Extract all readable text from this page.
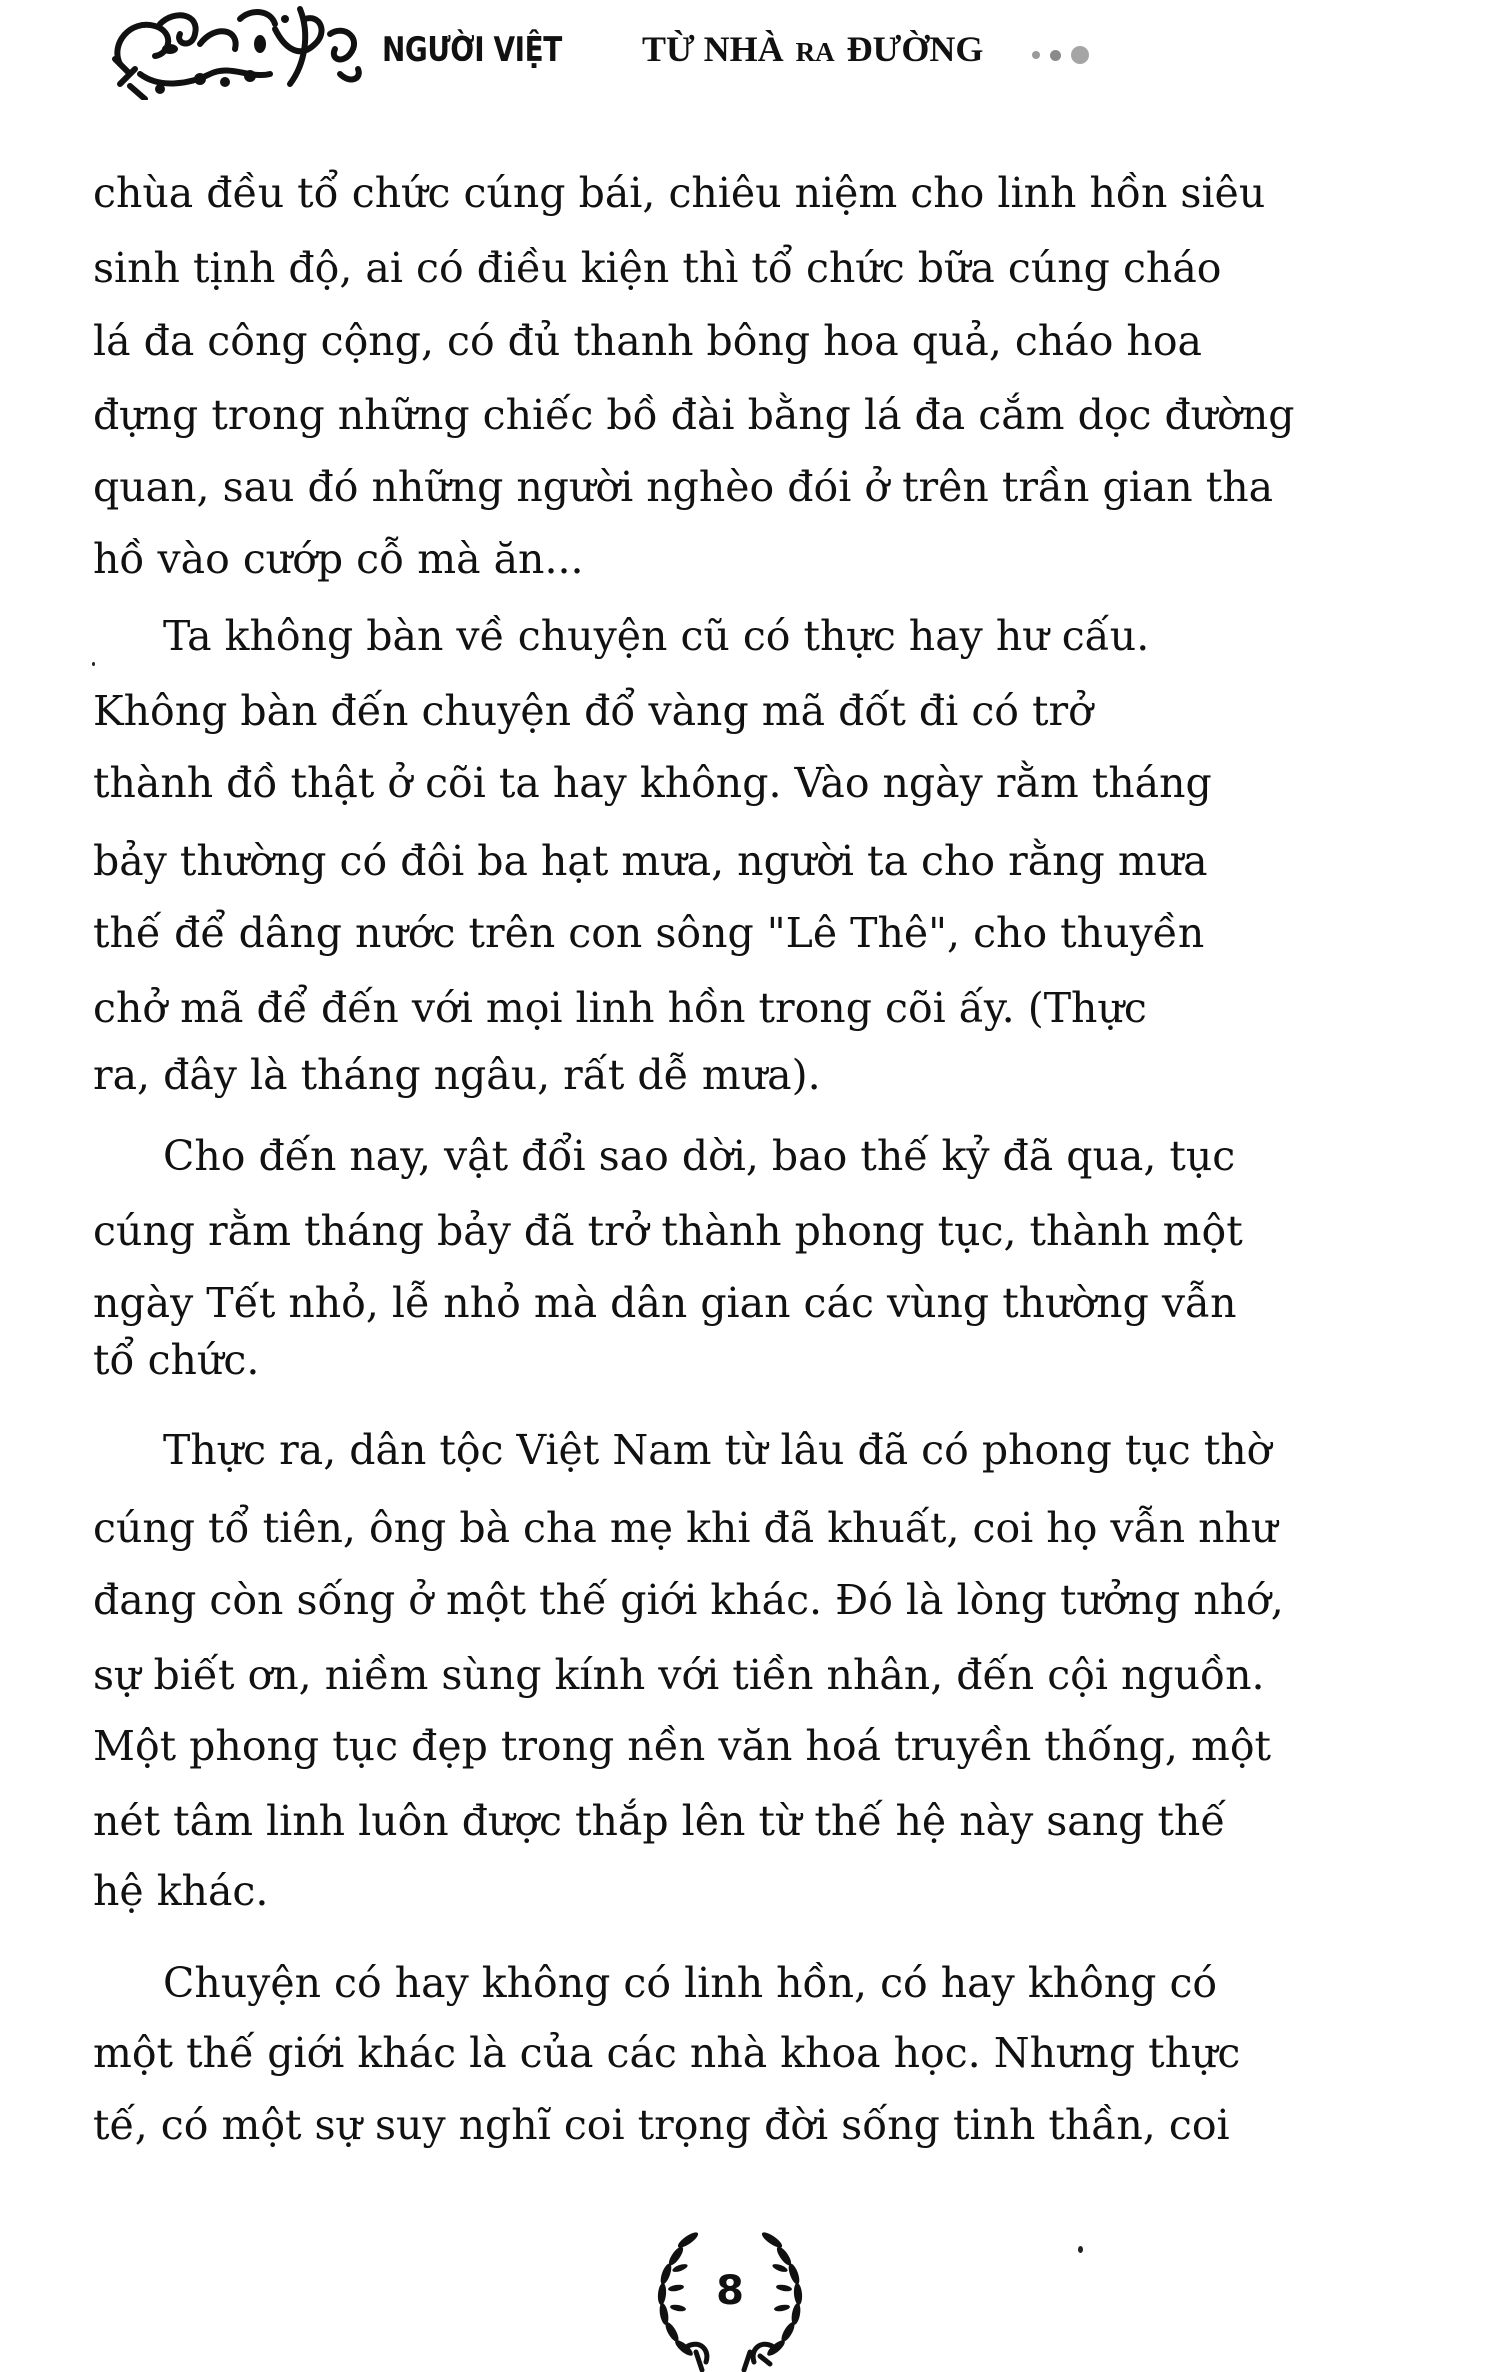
NGƯỜI VIỆT	TỪ NHÀ RA ĐƯỜNG
chùa đều tổ chức cúng bái, chiêu niệm cho linh hồn siêu
sinh tịnh độ, ai có điều kiện thì tổ chức bữa cúng cháo
lá đa công cộng, có đủ thanh bông hoa quả, cháo hoa
đựng trong những chiếc bồ đài bằng lá đa cắm dọc đường
quan, sau đó những người nghèo đói ở trên trần gian tha
hồ vào cướp cỗ mà ăn...
Ta không bàn về chuyện cũ có thực hay hư cấu.
Không bàn đến chuyện đổ vàng mã đốt đi có trở
thành đồ thật ở cõi ta hay không. Vào ngày rằm tháng
bảy thường có đôi ba hạt mưa, người ta cho rằng mưa
thế để dâng nước trên con sông "Lê Thê", cho thuyền
chở mã để đến với mọi linh hồn trong cõi ấy. (Thực
ra, đây là tháng ngâu, rất dễ mưa).
Cho đến nay, vật đổi sao dời, bao thế kỷ đã qua, tục
cúng rằm tháng bảy đã trở thành phong tục, thành một
ngày Tết nhỏ, lễ nhỏ mà dân gian các vùng thường vẫn
tổ chức.
Thực ra, dân tộc Việt Nam từ lâu đã có phong tục thờ
cúng tổ tiên, ông bà cha mẹ khi đã khuất, coi họ vẫn như
đang còn sống ở một thế giới khác. Đó là lòng tưởng nhớ,
sự biết ơn, niềm sùng kính với tiền nhân, đến cội nguồn.
Một phong tục đẹp trong nền văn hoá truyền thống, một
nét tâm linh luôn được thắp lên từ thế hệ này sang thế
hệ khác.
Chuyện có hay không có linh hồn, có hay không có
một thế giới khác là của các nhà khoa học. Nhưng thực
tế, có một sự suy nghĩ coi trọng đời sống tinh thần, coi
8
